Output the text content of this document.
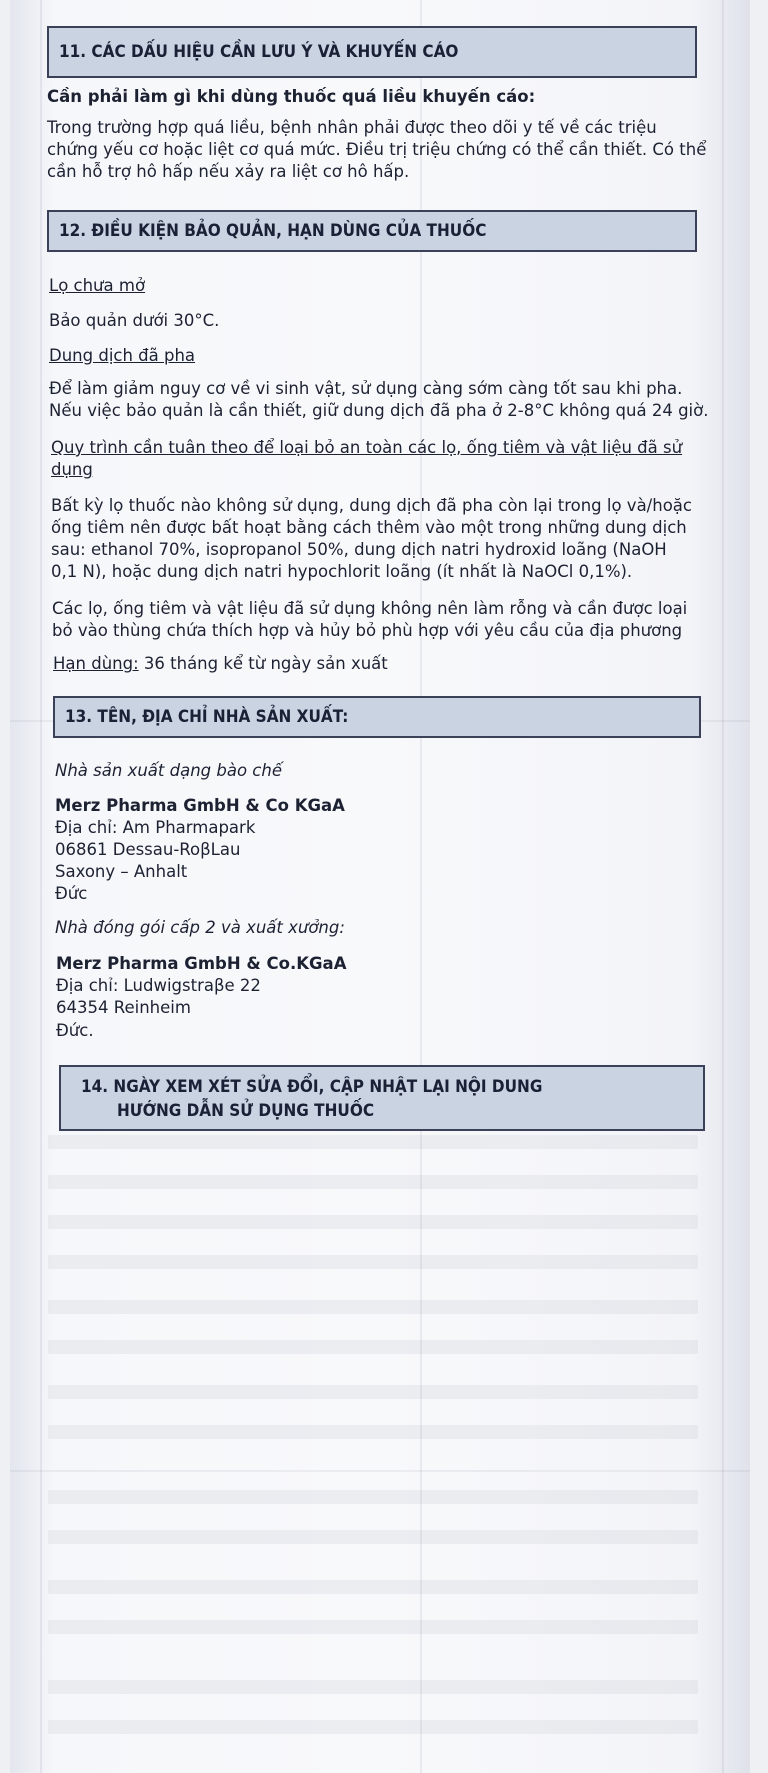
11. CÁC DẤU HIỆU CẦN LƯU Ý VÀ KHUYẾN CÁO

Cần phải làm gì khi dùng thuốc quá liều khuyến cáo:

Trong trường hợp quá liều, bệnh nhân phải được theo dõi y tế về các triệu

chứng yếu cơ hoặc liệt cơ quá mức. Điều trị triệu chứng có thể cần thiết. Có thể

cần hỗ trợ hô hấp nếu xảy ra liệt cơ hô hấp.

12. ĐIỀU KIỆN BẢO QUẢN, HẠN DÙNG CỦA THUỐC

Lọ chưa mở

Bảo quản dưới 30°C.

Dung dịch đã pha

Để làm giảm nguy cơ về vi sinh vật, sử dụng càng sớm càng tốt sau khi pha.

Nếu việc bảo quản là cần thiết, giữ dung dịch đã pha ở 2-8°C không quá 24 giờ.

Quy trình cần tuân theo để loại bỏ an toàn các lọ, ống tiêm và vật liệu đã sử

dụng

Bất kỳ lọ thuốc nào không sử dụng, dung dịch đã pha còn lại trong lọ và/hoặc

ống tiêm nên được bất hoạt bằng cách thêm vào một trong những dung dịch

sau: ethanol 70%, isopropanol 50%, dung dịch natri hydroxid loãng (NaOH

0,1 N), hoặc dung dịch natri hypochlorit loãng (ít nhất là NaOCl 0,1%).

Các lọ, ống tiêm và vật liệu đã sử dụng không nên làm rỗng và cần được loại

bỏ vào thùng chứa thích hợp và hủy bỏ phù hợp với yêu cầu của địa phương

Hạn dùng: 36 tháng kể từ ngày sản xuất

13. TÊN, ĐỊA CHỈ NHÀ SẢN XUẤT:

Nhà sản xuất dạng bào chế

Merz Pharma GmbH & Co KGaA

Địa chỉ: Am Pharmapark

06861 Dessau-RoβLau

Saxony – Anhalt

Đức

Nhà đóng gói cấp 2 và xuất xưởng:

Merz Pharma GmbH & Co.KGaA

Địa chỉ: Ludwigstraβe 22

64354 Reinheim

Đức.

14. NGÀY XEM XÉT SỬA ĐỔI, CẬP NHẬT LẠI NỘI DUNG
HƯỚNG DẪN SỬ DỤNG THUỐC
